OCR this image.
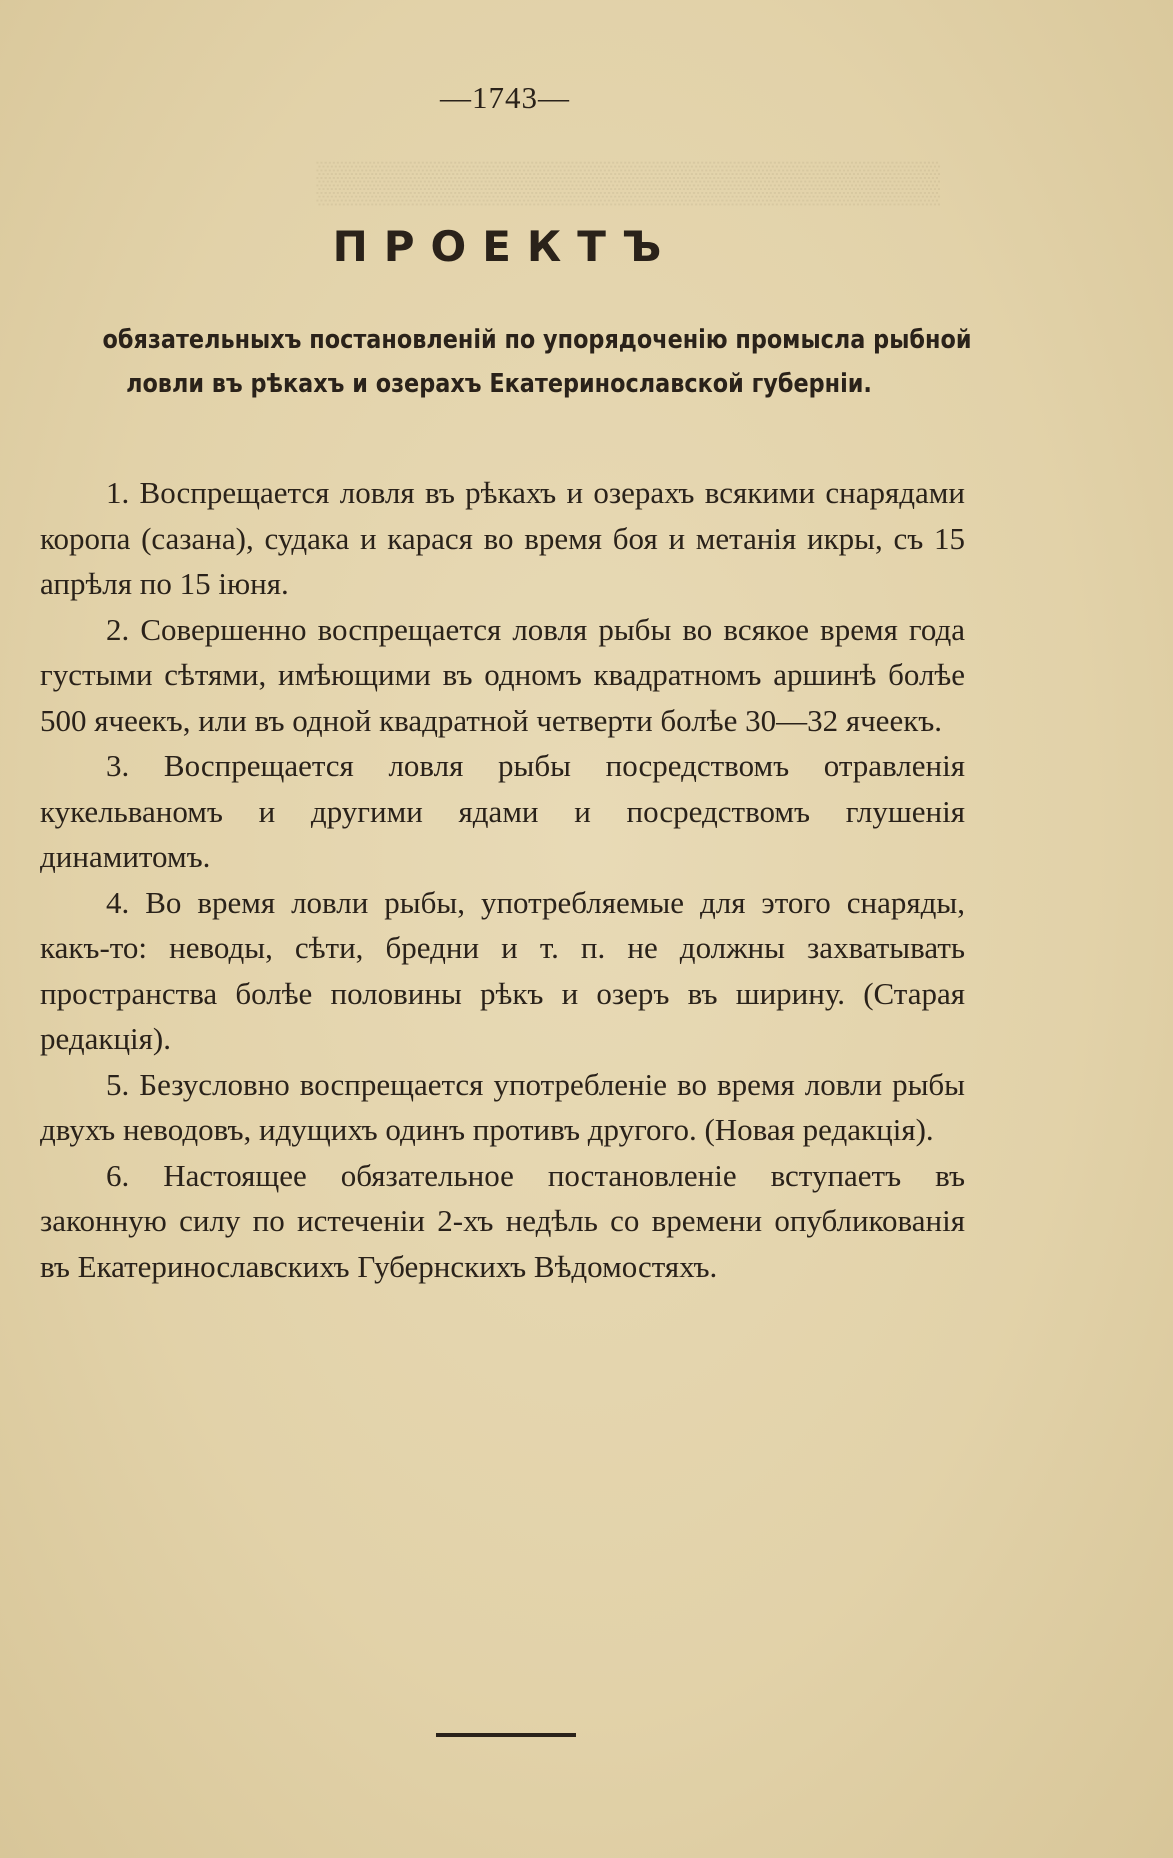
▒▒▒▒▒▒▒▒▒▒▒▒▒▒▒▒▒▒▒▒▒▒
—1743—
ПРОЕКТЪ
обязательныхъ постановленій по упорядоченію промысла рыбной
ловли въ рѣкахъ и озерахъ Екатеринославской губерніи.

1. Воспрещается ловля въ рѣкахъ и озерахъ всякими снарядами коропа (сазана), судака и карася во время боя и метанія икры, съ 15 апрѣля по 15 іюня.

2. Совершенно воспрещается ловля рыбы во всякое время года густыми сѣтями, имѣющими въ одномъ квадратномъ аршинѣ болѣе 500 ячеекъ, или въ одной квадратной четверти болѣе 30—32 ячеекъ.

3. Воспрещается ловля рыбы посредствомъ отравленія кукельваномъ и другими ядами и посредствомъ глушенія динамитомъ.

4. Во время ловли рыбы, употребляемые для этого снаряды, какъ-то: неводы, сѣти, бредни и т. п. не должны захватывать пространства болѣе половины рѣкъ и озеръ въ ширину. (Старая редакція).

5. Безусловно воспрещается употребленіе во время ловли рыбы двухъ неводовъ, идущихъ одинъ противъ другого. (Новая редакція).

6. Настоящее обязательное постановленіе вступаетъ въ законную силу по истеченіи 2-хъ недѣль со времени опубликованія въ Екатеринославскихъ Губернскихъ Вѣдомостяхъ.
